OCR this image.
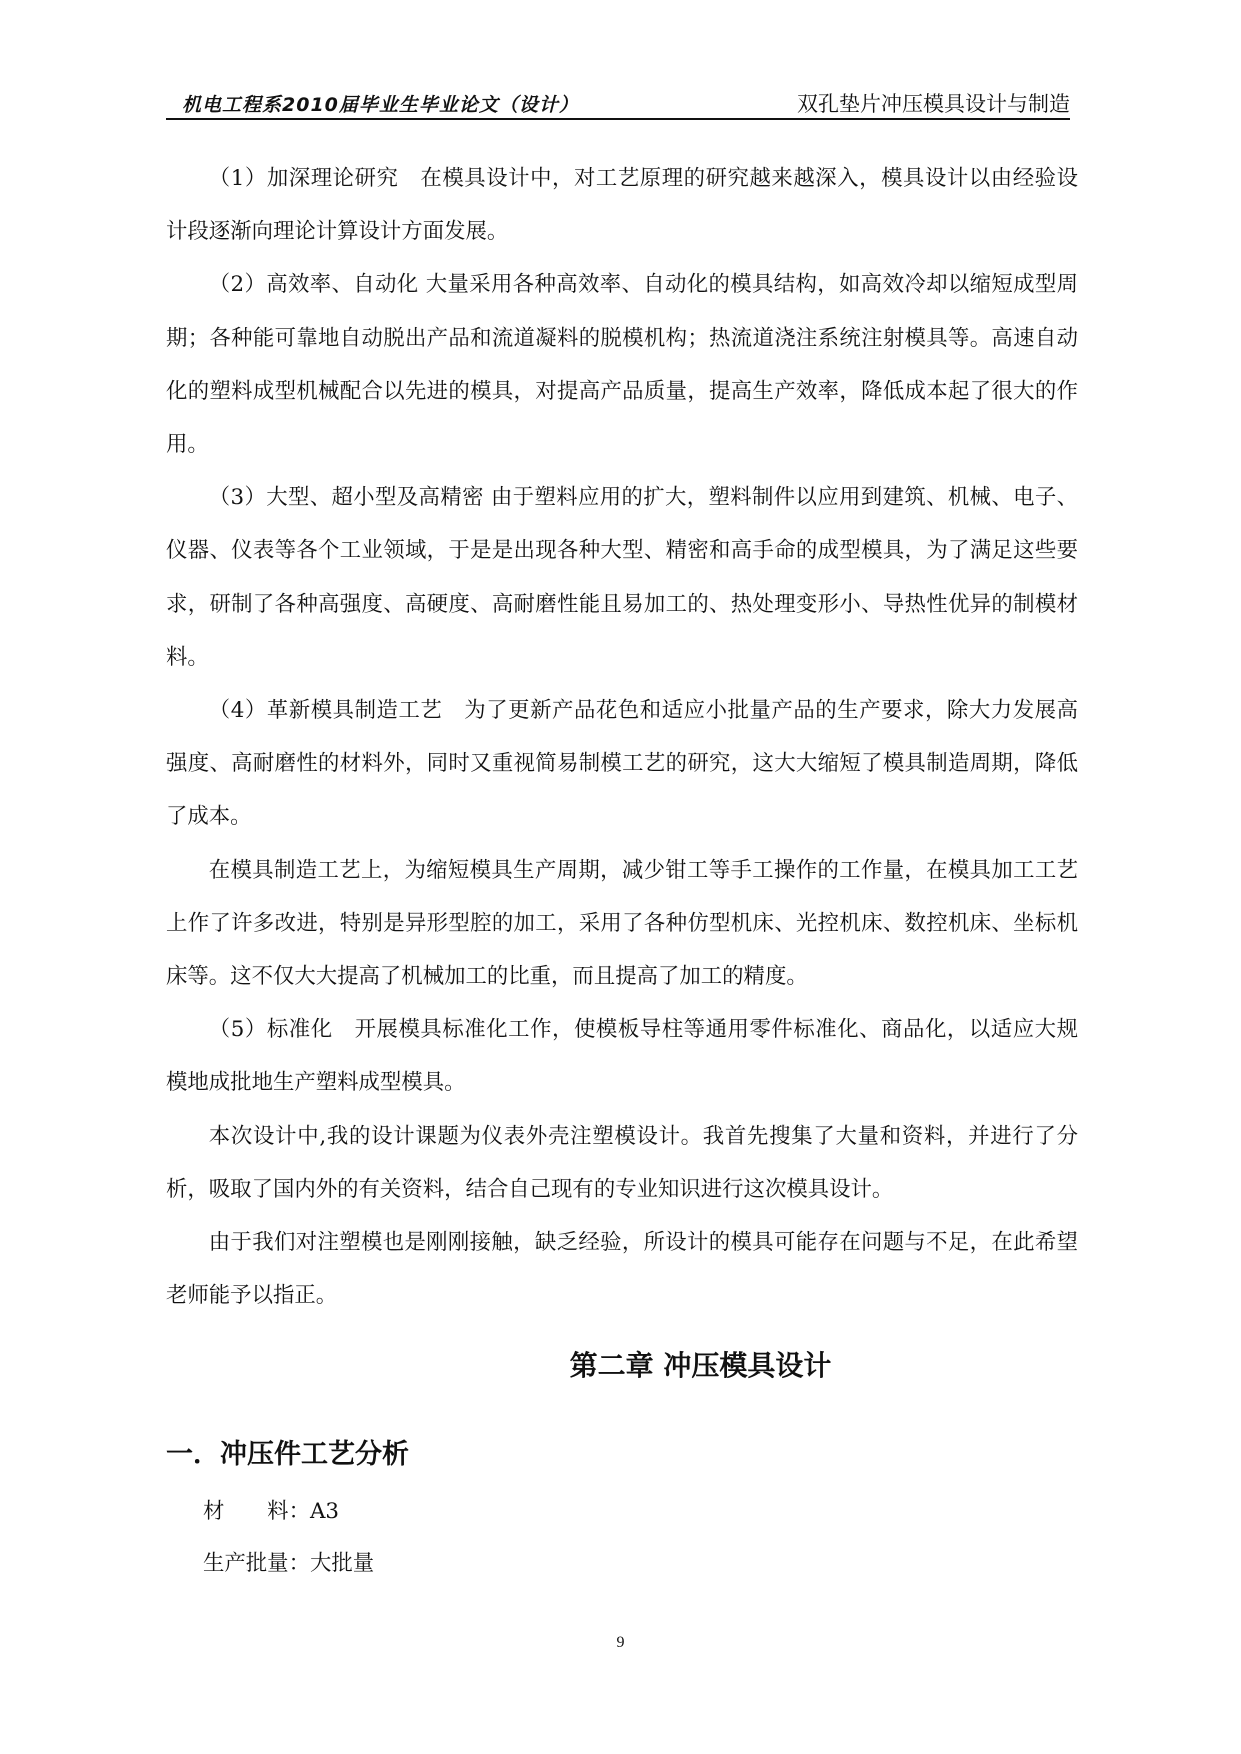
机电工程系2010届毕业生毕业论文（设计）	双孔垫片冲压模具设计与制造

（1）加深理论研究　在模具设计中，对工艺原理的研究越来越深入，模具设计以由经验设计段逐渐向理论计算设计方面发展。

（2）高效率、自动化 大量采用各种高效率、自动化的模具结构，如高效冷却以缩短成型周期；各种能可靠地自动脱出产品和流道凝料的脱模机构；热流道浇注系统注射模具等。高速自动化的塑料成型机械配合以先进的模具，对提高产品质量，提高生产效率，降低成本起了很大的作用。

（3）大型、超小型及高精密 由于塑料应用的扩大，塑料制件以应用到建筑、机械、电子、仪器、仪表等各个工业领域，于是是出现各种大型、精密和高手命的成型模具，为了满足这些要求，研制了各种高强度、高硬度、高耐磨性能且易加工的、热处理变形小、导热性优异的制模材料。

（4）革新模具制造工艺　为了更新产品花色和适应小批量产品的生产要求，除大力发展高强度、高耐磨性的材料外，同时又重视简易制模工艺的研究，这大大缩短了模具制造周期，降低了成本。

在模具制造工艺上，为缩短模具生产周期，减少钳工等手工操作的工作量，在模具加工工艺上作了许多改进，特别是异形型腔的加工，采用了各种仿型机床、光控机床、数控机床、坐标机床等。这不仅大大提高了机械加工的比重，而且提高了加工的精度。

（5）标准化　开展模具标准化工作，使模板导柱等通用零件标准化、商品化，以适应大规模地成批地生产塑料成型模具。

本次设计中,我的设计课题为仪表外壳注塑模设计。我首先搜集了大量和资料，并进行了分析，吸取了国内外的有关资料，结合自己现有的专业知识进行这次模具设计。

由于我们对注塑模也是刚刚接触，缺乏经验，所设计的模具可能存在问题与不足，在此希望老师能予以指正。

第二章 冲压模具设计
一．冲压件工艺分析
材　　料：A3
生产批量：大批量
9
